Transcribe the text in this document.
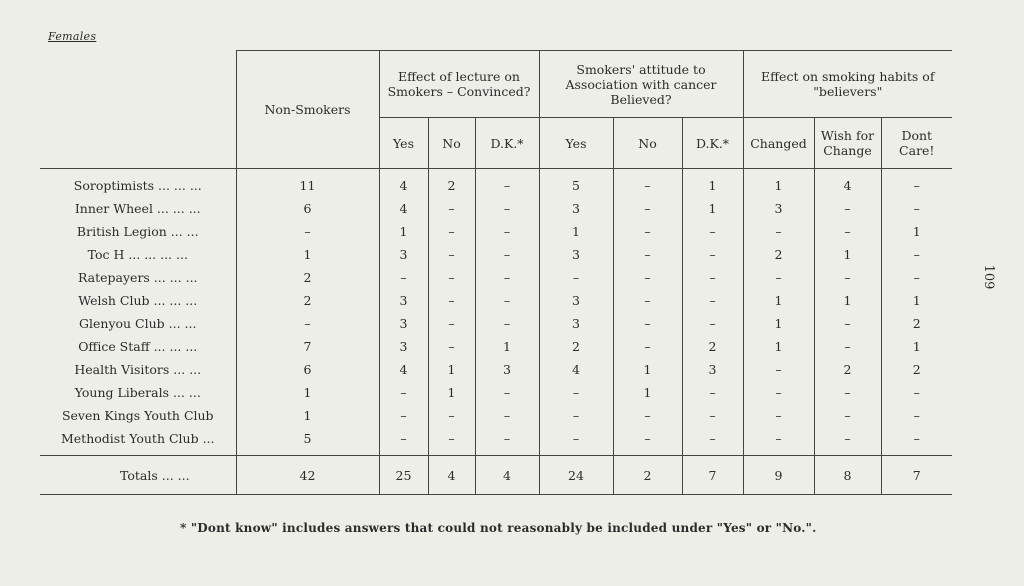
Females
109
	Non-Smokers	Effect of lecture on Smokers – Convinced?			Smokers' attitude to Association with cancer Believed?			Effect on smoking habits of "believers"		
		Yes	No	D.K.*	Yes	No	D.K.*	Changed	Wish for Change	Dont Care!
Soroptimists ... ... ...	11	4	2	–	5	–	1	1	4	–
Inner Wheel ... ... ...	6	4	–	–	3	–	1	3	–	–
British Legion ... ...	–	1	–	–	1	–	–	–	–	1
Toc H ... ... ... ...	1	3	–	–	3	–	–	2	1	–
Ratepayers ... ... ...	2	–	–	–	–	–	–	–	–	–
Welsh Club ... ... ...	2	3	–	–	3	–	–	1	1	1
Glenyou Club ... ...	–	3	–	–	3	–	–	1	–	2
Office Staff ... ... ...	7	3	–	1	2	–	2	1	–	1
Health Visitors ... ...	6	4	1	3	4	1	3	–	2	2
Young Liberals ... ...	1	–	1	–	–	1	–	–	–	–
Seven Kings Youth Club	1	–	–	–	–	–	–	–	–	–
Methodist Youth Club ...	5	–	–	–	–	–	–	–	–	–
Totals ... ...	42	25	4	4	24	2	7	9	8	7
* "Dont know" includes answers that could not reasonably be included under "Yes" or "No.".
